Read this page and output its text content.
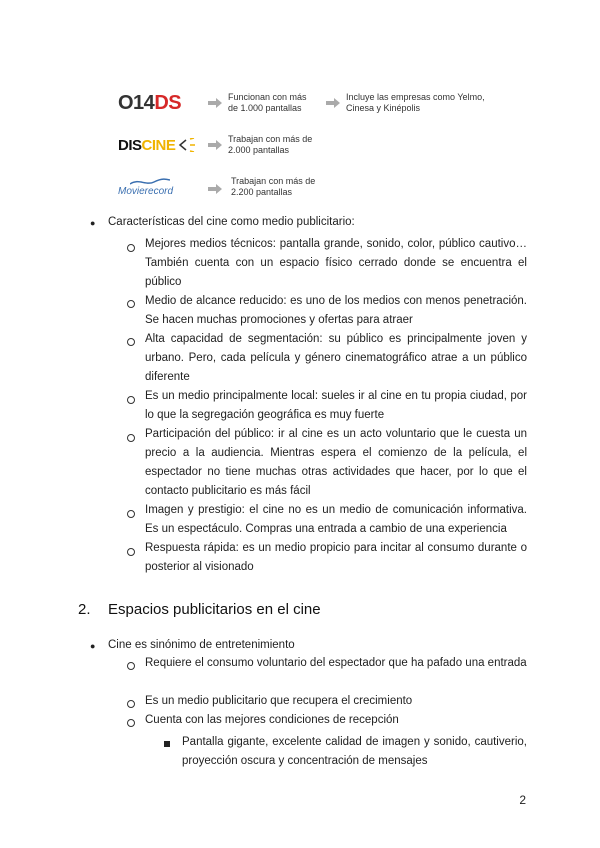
O14 DS	Funcionan con más de 1.000 pantallas
Incluye las empresas como Yelmo, Cinesa y Kinépolis
DIS CINE	Trabajan con más de 2.000 pantallas
Movierecord
Trabajan con más de 2.200 pantallas
● Características del cine como medio publicitario:
Mejores medios técnicos: pantalla grande, sonido, color, público cautivo… También cuenta con un espacio físico cerrado donde se encuentra el público
Medio de alcance reducido: es uno de los medios con menos penetración. Se hacen muchas promociones y ofertas para atraer
Alta capacidad de segmentación: su público es principalmente joven y urbano. Pero, cada película y género cinematográfico atrae a un público diferente
Es un medio principalmente local: sueles ir al cine en tu propia ciudad, por lo que la segregación geográfica es muy fuerte
Participación del público: ir al cine es un acto voluntario que le cuesta un precio a la audiencia. Mientras espera el comienzo de la película, el espectador no tiene muchas otras actividades que hacer, por lo que el contacto publicitario es más fácil
Imagen y prestigio: el cine no es un medio de comunicación informativa. Es un espectáculo. Compras una entrada a cambio de una experiencia
Respuesta rápida: es un medio propicio para incitar al consumo durante o posterior al visionado
2. Espacios publicitarios en el cine
● Cine es sinónimo de entretenimiento
Requiere el consumo voluntario del espectador que ha pafado una entrada
Es un medio publicitario que recupera el crecimiento
Cuenta con las mejores condiciones de recepción
Pantalla gigante, excelente calidad de imagen y sonido, cautiverio, proyección oscura y concentración de mensajes
2
